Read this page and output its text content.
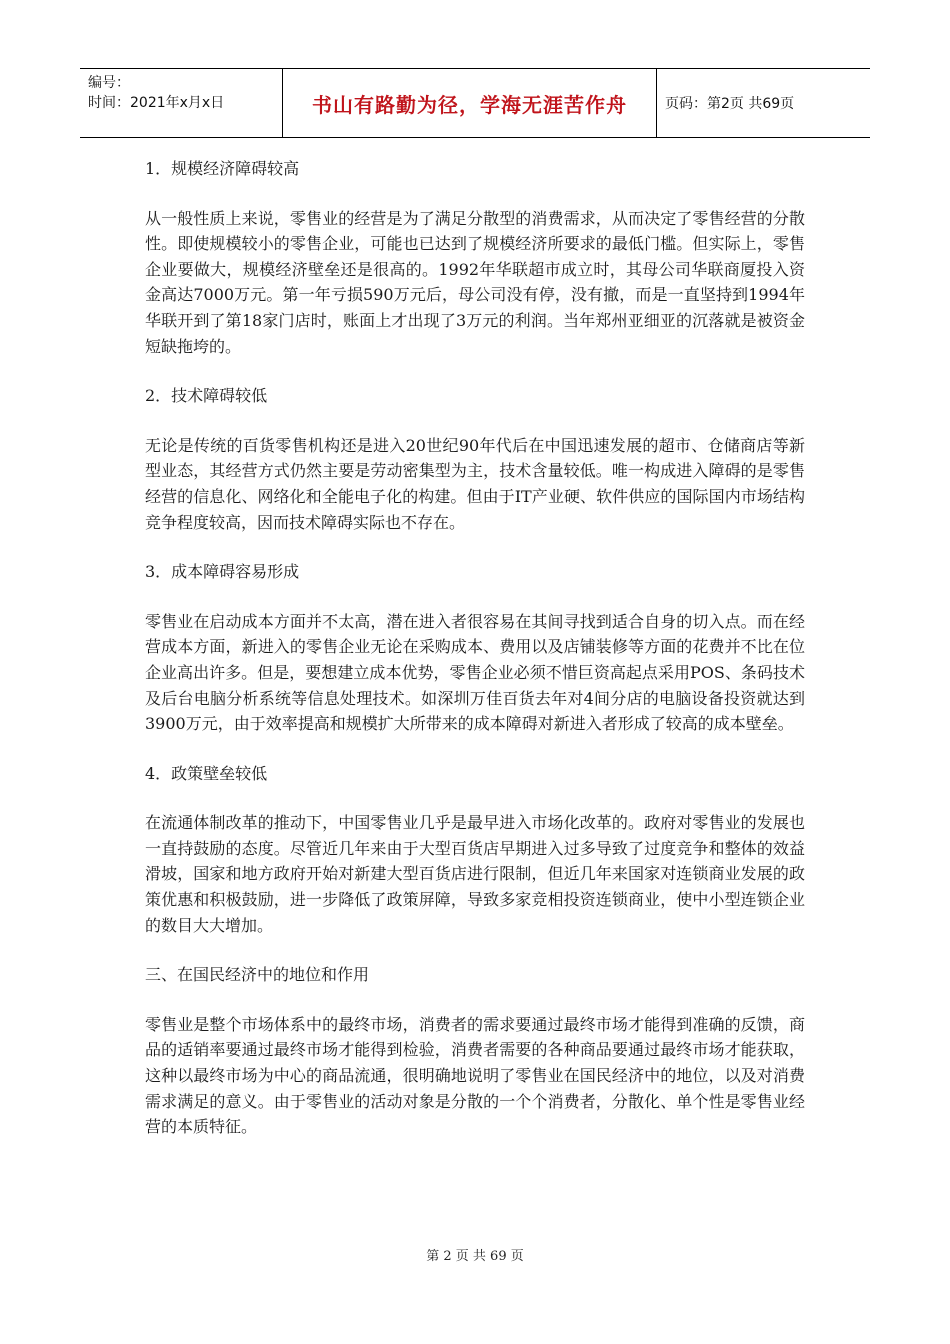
编号：
时间：2021年x月x日	书山有路勤为径，学海无涯苦作舟	页码：第2页 共69页

1．规模经济障碍较高

从一般性质上来说，零售业的经营是为了满足分散型的消费需求，从而决定了零售经营的分散性。即使规模较小的零售企业，可能也已达到了规模经济所要求的最低门槛。但实际上，零售企业要做大，规模经济壁垒还是很高的。1992年华联超市成立时，其母公司华联商厦投入资金高达7000万元。第一年亏损590万元后，母公司没有停，没有撤，而是一直坚持到1994年华联开到了第18家门店时，账面上才出现了3万元的利润。当年郑州亚细亚的沉落就是被资金短缺拖垮的。

2．技术障碍较低

无论是传统的百货零售机构还是进入20世纪90年代后在中国迅速发展的超市、仓储商店等新型业态，其经营方式仍然主要是劳动密集型为主，技术含量较低。唯一构成进入障碍的是零售经营的信息化、网络化和全能电子化的构建。但由于IT产业硬、软件供应的国际国内市场结构竞争程度较高，因而技术障碍实际也不存在。

3．成本障碍容易形成

零售业在启动成本方面并不太高，潜在进入者很容易在其间寻找到适合自身的切入点。而在经营成本方面，新进入的零售企业无论在采购成本、费用以及店铺装修等方面的花费并不比在位企业高出许多。但是，要想建立成本优势，零售企业必须不惜巨资高起点采用POS、条码技术及后台电脑分析系统等信息处理技术。如深圳万佳百货去年对4间分店的电脑设备投资就达到3900万元，由于效率提高和规模扩大所带来的成本障碍对新进入者形成了较高的成本壁垒。

4．政策壁垒较低

在流通体制改革的推动下，中国零售业几乎是最早进入市场化改革的。政府对零售业的发展也一直持鼓励的态度。尽管近几年来由于大型百货店早期进入过多导致了过度竞争和整体的效益滑坡，国家和地方政府开始对新建大型百货店进行限制，但近几年来国家对连锁商业发展的政策优惠和积极鼓励，进一步降低了政策屏障，导致多家竞相投资连锁商业，使中小型连锁企业的数目大大增加。

三、在国民经济中的地位和作用

零售业是整个市场体系中的最终市场，消费者的需求要通过最终市场才能得到准确的反馈，商品的适销率要通过最终市场才能得到检验，消费者需要的各种商品要通过最终市场才能获取，这种以最终市场为中心的商品流通，很明确地说明了零售业在国民经济中的地位，以及对消费需求满足的意义。由于零售业的活动对象是分散的一个个消费者，分散化、单个性是零售业经营的本质特征。

第 2 页 共 69 页
